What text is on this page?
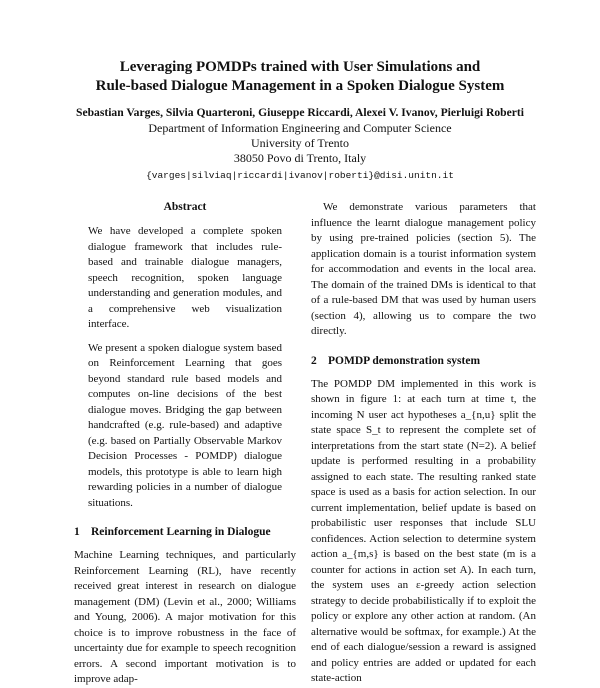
Leveraging POMDPs trained with User Simulations and
Rule-based Dialogue Management in a Spoken Dialogue System
Sebastian Varges, Silvia Quarteroni, Giuseppe Riccardi, Alexei V. Ivanov, Pierluigi Roberti
Department of Information Engineering and Computer Science
University of Trento
38050 Povo di Trento, Italy
{varges|silviaq|riccardi|ivanov|roberti}@disi.unitn.it
Abstract

We have developed a complete spoken dialogue framework that includes rule-based and trainable dialogue managers, speech recognition, spoken language understanding and generation modules, and a comprehensive web visualization interface.

We present a spoken dialogue system based on Reinforcement Learning that goes beyond standard rule based models and computes on-line decisions of the best dialogue moves. Bridging the gap between handcrafted (e.g. rule-based) and adaptive (e.g. based on Partially Observable Markov Decision Processes - POMDP) dialogue models, this prototype is able to learn high rewarding policies in a number of dialogue situations.

1 Reinforcement Learning in Dialogue

Machine Learning techniques, and particularly Reinforcement Learning (RL), have recently received great interest in research on dialogue management (DM) (Levin et al., 2000; Williams and Young, 2006). A major motivation for this choice is to improve robustness in the face of uncertainty due for example to speech recognition errors. A second important motivation is to improve adap-

We demonstrate various parameters that influence the learnt dialogue management policy by using pre-trained policies (section 5). The application domain is a tourist information system for accommodation and events in the local area. The domain of the trained DMs is identical to that of a rule-based DM that was used by human users (section 4), allowing us to compare the two directly.

2 POMDP demonstration system

The POMDP DM implemented in this work is shown in figure 1: at each turn at time t, the incoming N user act hypotheses a_{n,u} split the state space S_t to represent the complete set of interpretations from the start state (N=2). A belief update is performed resulting in a probability assigned to each state. The resulting ranked state space is used as a basis for action selection. In our current implementation, belief update is based on probabilistic user responses that include SLU confidences. Action selection to determine system action a_{m,s} is based on the best state (m is a counter for actions in action set A). In each turn, the system uses an ε-greedy action selection strategy to decide probabilistically if to exploit the policy or explore any other action at random. (An alternative would be softmax, for example.) At the end of each dialogue/session a reward is assigned and policy entries are added or updated for each state-action
